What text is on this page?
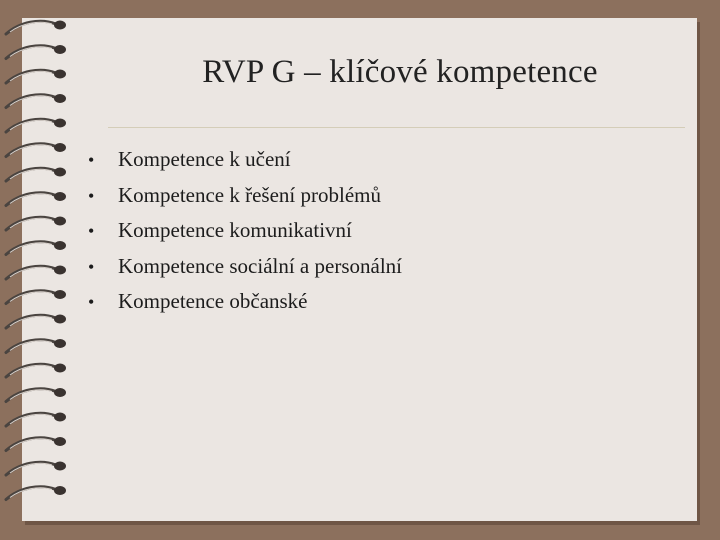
RVP G – klíčové kompetence
•	Kompetence k učení
•	Kompetence k řešení problémů
•	Kompetence komunikativní
•	Kompetence sociální a personální
•	Kompetence občanské
